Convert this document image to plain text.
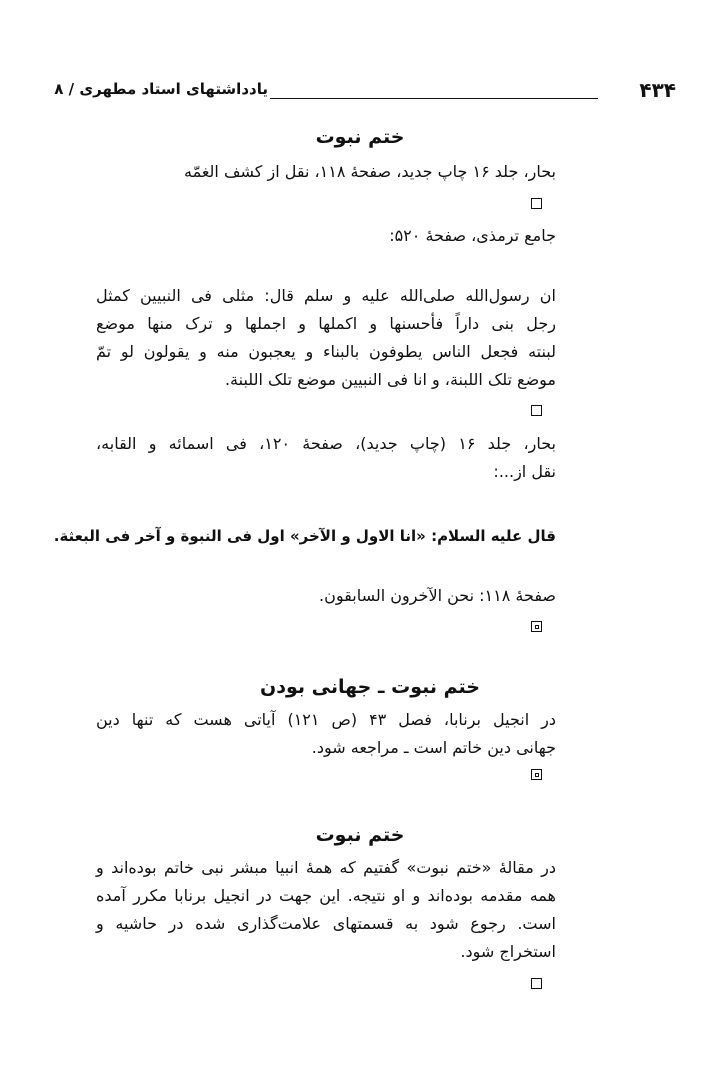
۴۳۴
یادداشتهای استاد مطهری / ۸
ختم نبوت
بحار، جلد ۱۶ چاپ جدید، صفحهٔ ۱۱۸، نقل از کشف الغمّه
جامع ترمذی، صفحهٔ ۵۲۰:
ان رسول‌الله صلی‌الله علیه و سلم قال: مثلی فی النبیین کمثل
رجل بنی داراً فأحسنها و اکملها و اجملها و ترک منها موضع
لبنته فجعل الناس یطوفون بالبناء و یعجبون منه و یقولون لو تمّ
موضع تلک اللبنة، و انا فی النبیین موضع تلک اللبنة.
بحار، جلد ۱۶ (چاپ جدید)، صفحهٔ ۱۲۰، فی اسمائه و القابه،
نقل از...:
قال عليه السلام: «انا الاول و الآخر» اول فی النبوة و آخر فی البعثة.
صفحهٔ ۱۱۸: نحن الآخرون السابقون.
ختم نبوت ـ جهانی بودن
در انجیل برنابا، فصل ۴۳ (ص ۱۲۱) آیاتی هست که تنها دین
جهانی دین خاتم است ـ مراجعه شود.
ختم نبوت
در مقالهٔ «ختم نبوت» گفتیم که همهٔ انبیا مبشر نبی خاتم بوده‌اند و
همه مقدمه بوده‌اند و او نتیجه. این جهت در انجیل برنابا مکرر آمده
است. رجوع شود به قسمتهای علامت‌گذاری شده در حاشیه و
استخراج شود.
